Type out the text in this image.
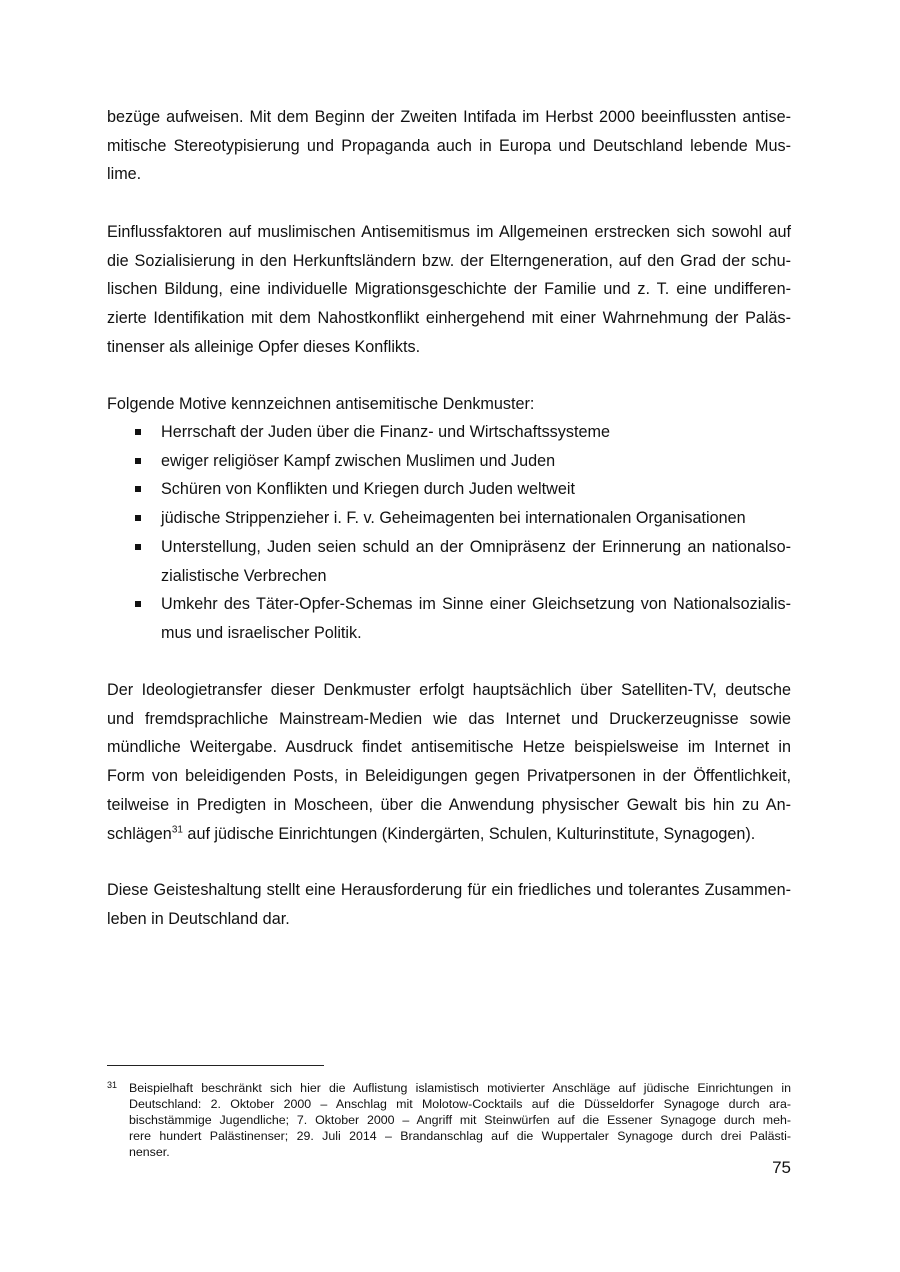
bezüge aufweisen. Mit dem Beginn der Zweiten Intifada im Herbst 2000 beeinflussten antise-
mitische Stereotypisierung und Propaganda auch in Europa und Deutschland lebende Mus-
lime.

Einflussfaktoren auf muslimischen Antisemitismus im Allgemeinen erstrecken sich sowohl auf
die Sozialisierung in den Herkunftsländern bzw. der Elterngeneration, auf den Grad der schu-
lischen Bildung, eine individuelle Migrationsgeschichte der Familie und z. T. eine undifferen-
zierte Identifikation mit dem Nahostkonflikt einhergehend mit einer Wahrnehmung der Paläs-
tinenser als alleinige Opfer dieses Konflikts.

Folgende Motive kennzeichnen antisemitische Denkmuster:

Herrschaft der Juden über die Finanz- und Wirtschaftssysteme
ewiger religiöser Kampf zwischen Muslimen und Juden
Schüren von Konflikten und Kriegen durch Juden weltweit
jüdische Strippenzieher i. F. v. Geheimagenten bei internationalen Organisationen
Unterstellung, Juden seien schuld an der Omnipräsenz der Erinnerung an nationalso-
zialistische Verbrechen
Umkehr des Täter-Opfer-Schemas im Sinne einer Gleichsetzung von Nationalsozialis-
mus und israelischer Politik.

Der Ideologietransfer dieser Denkmuster erfolgt hauptsächlich über Satelliten-TV, deutsche
und fremdsprachliche Mainstream-Medien wie das Internet und Druckerzeugnisse sowie
mündliche Weitergabe. Ausdruck findet antisemitische Hetze beispielsweise im Internet in
Form von beleidigenden Posts, in Beleidigungen gegen Privatpersonen in der Öffentlichkeit,
teilweise in Predigten in Moscheen, über die Anwendung physischer Gewalt bis hin zu An-
schlägen$^{31}$ auf jüdische Einrichtungen (Kindergärten, Schulen, Kulturinstitute, Synagogen).

Diese Geisteshaltung stellt eine Herausforderung für ein friedliches und tolerantes Zusammen-
leben in Deutschland dar.

31 Beispielhaft beschränkt sich hier die Auflistung islamistisch motivierter Anschläge auf jüdische Einrichtungen in
Deutschland: 2. Oktober 2000 – Anschlag mit Molotow-Cocktails auf die Düsseldorfer Synagoge durch ara-
bischstämmige Jugendliche; 7. Oktober 2000 – Angriff mit Steinwürfen auf die Essener Synagoge durch meh-
rere hundert Palästinenser; 29. Juli 2014 – Brandanschlag auf die Wuppertaler Synagoge durch drei Palästi-
nenser.
75
